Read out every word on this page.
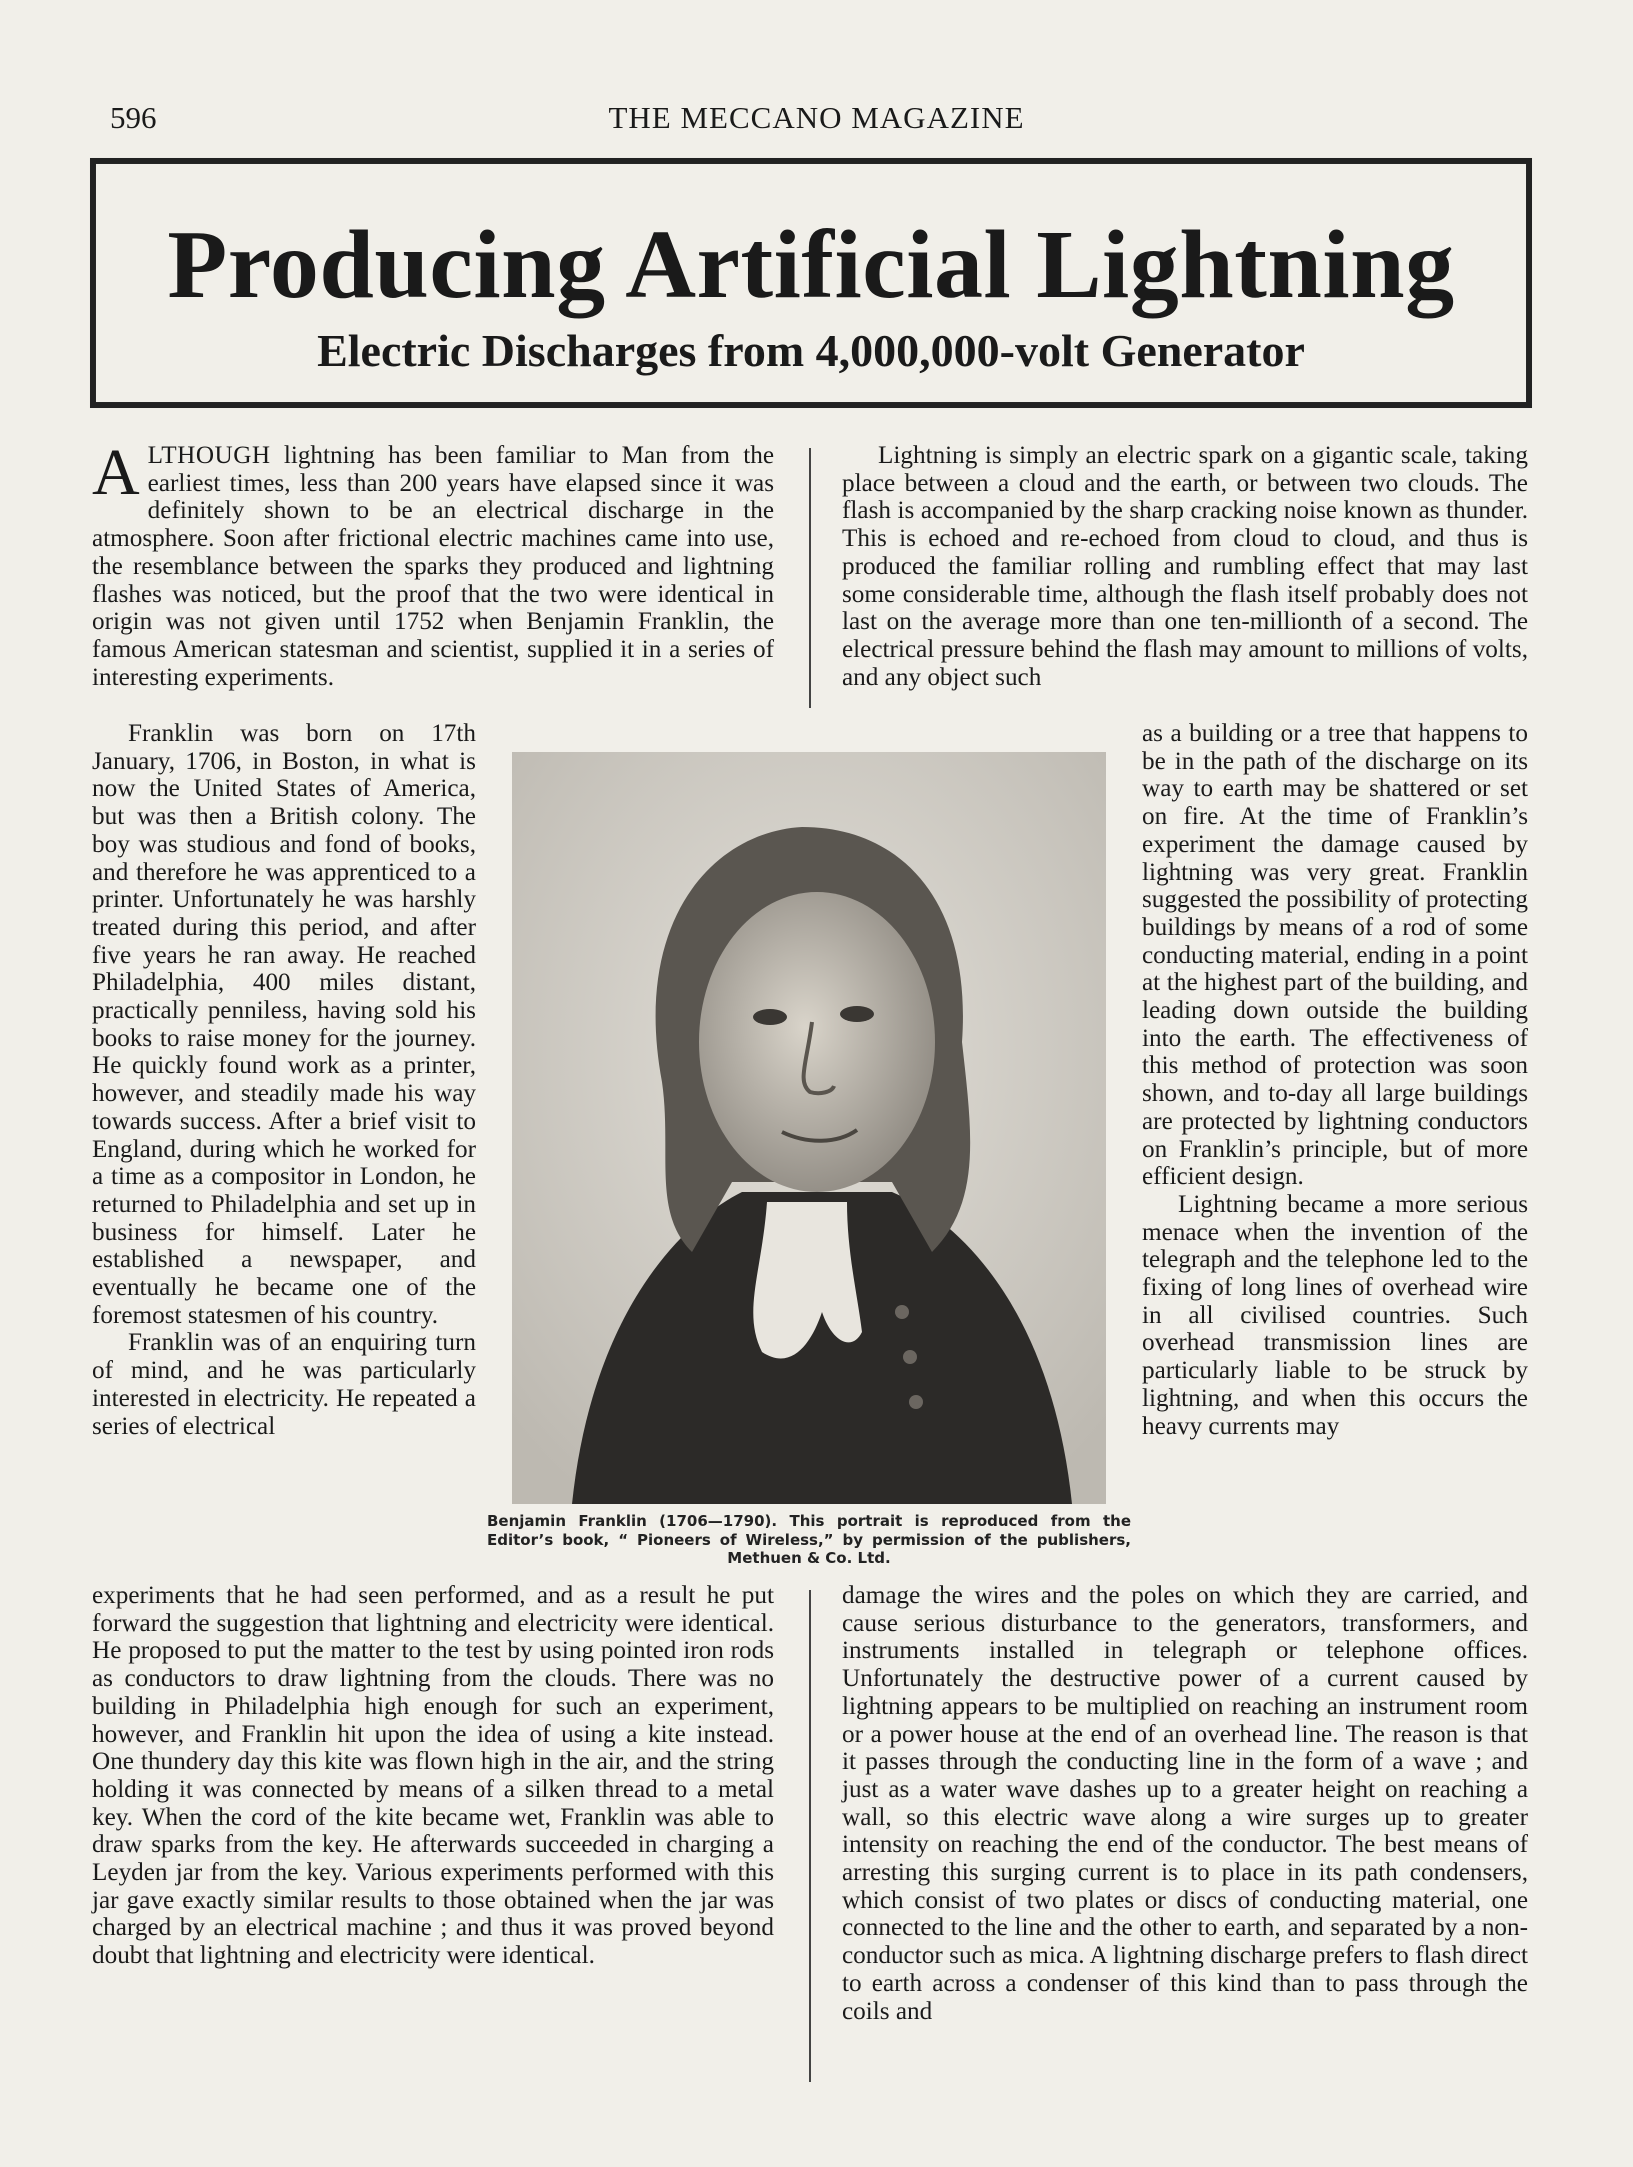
596	THE MECCANO MAGAZINE
Producing Artificial Lightning
Electric Discharges from 4,000,000-volt Generator

ALTHOUGH lightning has been familiar to Man from the earliest times, less than 200 years have elapsed since it was definitely shown to be an electrical discharge in the atmosphere. Soon after frictional electric machines came into use, the resemblance between the sparks they produced and lightning flashes was noticed, but the proof that the two were identical in origin was not given until 1752 when Benjamin Franklin, the famous American statesman and scientist, supplied it in a series of interesting experiments.

Lightning is simply an electric spark on a gigantic scale, taking place between a cloud and the earth, or between two clouds. The flash is accompanied by the sharp cracking noise known as thunder. This is echoed and re-echoed from cloud to cloud, and thus is produced the familiar rolling and rumbling effect that may last some considerable time, although the flash itself probably does not last on the average more than one ten-millionth of a second. The electrical pressure behind the flash may amount to millions of volts, and any object such

Franklin was born on 17th January, 1706, in Boston, in what is now the United States of America, but was then a British colony. The boy was studious and fond of books, and therefore he was apprenticed to a printer. Unfortunately he was harshly treated during this period, and after five years he ran away. He reached Philadelphia, 400 miles distant, practically penniless, having sold his books to raise money for the journey. He quickly found work as a printer, however, and steadily made his way towards success. After a brief visit to England, during which he worked for a time as a compositor in London, he returned to Philadelphia and set up in business for himself. Later he established a newspaper, and eventually he became one of the foremost statesmen of his country.

Franklin was of an enquiring turn of mind, and he was particularly interested in electricity. He repeated a series of electrical

Benjamin Franklin (1706—1790). This portrait is reproduced from the Editor’s book, “ Pioneers of Wireless,” by permission of the publishers, Methuen & Co. Ltd.

as a building or a tree that happens to be in the path of the discharge on its way to earth may be shattered or set on fire. At the time of Franklin’s experiment the damage caused by lightning was very great. Franklin suggested the possibility of protecting buildings by means of a rod of some conducting material, ending in a point at the highest part of the building, and leading down outside the building into the earth. The effectiveness of this method of protection was soon shown, and to-day all large buildings are protected by lightning conductors on Franklin’s principle, but of more efficient design.

Lightning became a more serious menace when the invention of the telegraph and the telephone led to the fixing of long lines of overhead wire in all civilised countries. Such overhead transmission lines are particularly liable to be struck by lightning, and when this occurs the heavy currents may

experiments that he had seen performed, and as a result he put forward the suggestion that lightning and electricity were identical. He proposed to put the matter to the test by using pointed iron rods as conductors to draw lightning from the clouds. There was no building in Philadelphia high enough for such an experiment, however, and Franklin hit upon the idea of using a kite instead. One thundery day this kite was flown high in the air, and the string holding it was connected by means of a silken thread to a metal key. When the cord of the kite became wet, Franklin was able to draw sparks from the key. He afterwards succeeded in charging a Leyden jar from the key. Various experiments performed with this jar gave exactly similar results to those obtained when the jar was charged by an electrical machine ; and thus it was proved beyond doubt that lightning and electricity were identical.

damage the wires and the poles on which they are carried, and cause serious disturbance to the generators, transformers, and instruments installed in telegraph or telephone offices. Unfortunately the destructive power of a current caused by lightning appears to be multiplied on reaching an instrument room or a power house at the end of an overhead line. The reason is that it passes through the conducting line in the form of a wave ; and just as a water wave dashes up to a greater height on reaching a wall, so this electric wave along a wire surges up to greater intensity on reaching the end of the conductor. The best means of arresting this surging current is to place in its path condensers, which consist of two plates or discs of conducting material, one connected to the line and the other to earth, and separated by a non-conductor such as mica. A lightning discharge prefers to flash direct to earth across a condenser of this kind than to pass through the coils and
